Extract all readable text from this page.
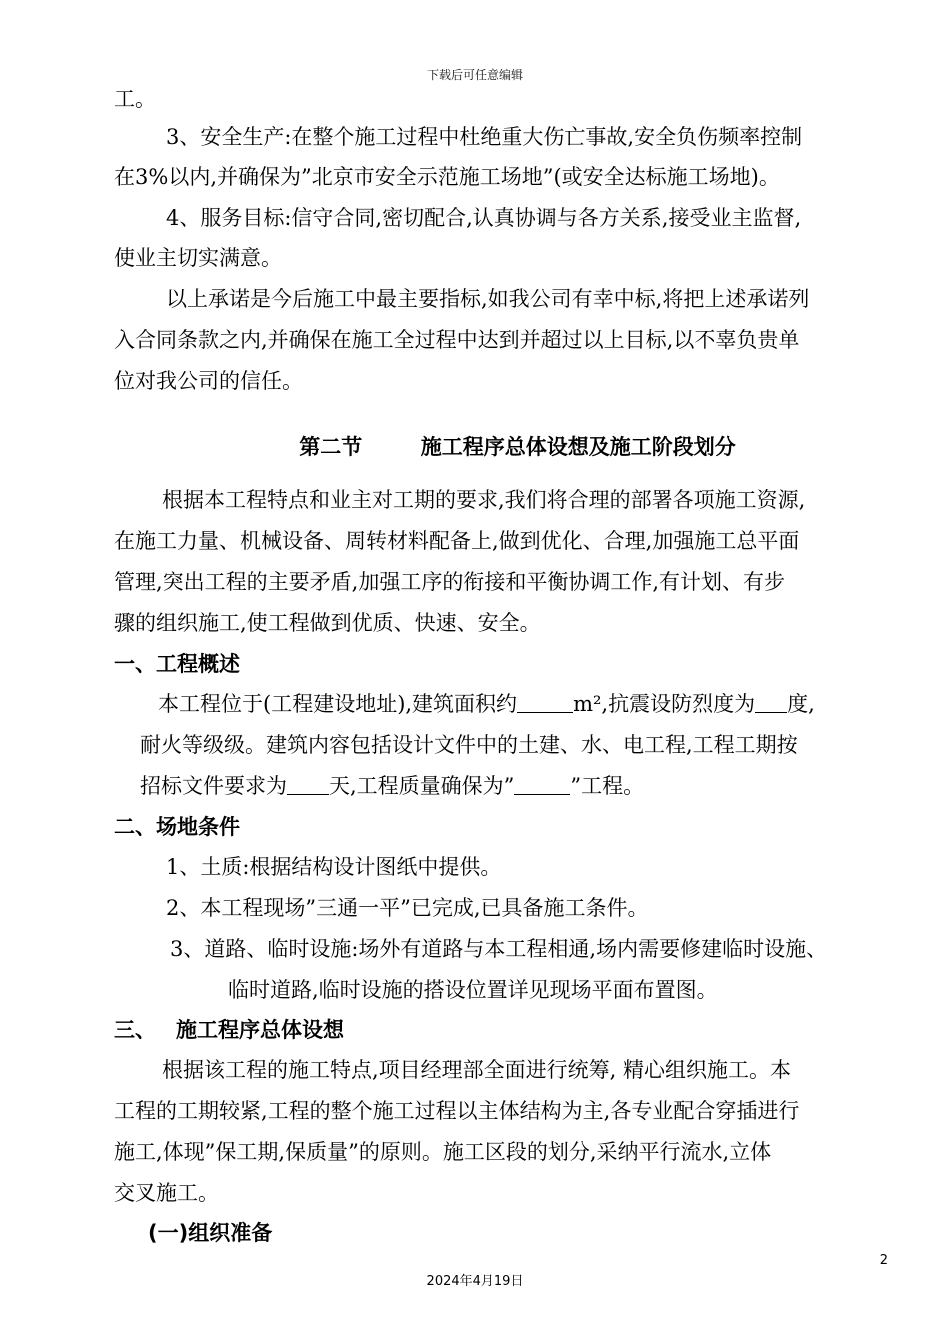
下载后可任意编辑
工。
3、安全生产:在整个施工过程中杜绝重大伤亡事故,安全负伤频率控制
在3%以内,并确保为”北京市安全示范施工场地”(或安全达标施工场地)。
4、服务目标:信守合同,密切配合,认真协调与各方关系,接受业主监督,
使业主切实满意。
以上承诺是今后施工中最主要指标,如我公司有幸中标,将把上述承诺列
入合同条款之内,并确保在施工全过程中达到并超过以上目标,以不辜负贵单
位对我公司的信任。
第二节	施工程序总体设想及施工阶段划分
根据本工程特点和业主对工期的要求,我们将合理的部署各项施工资源,
在施工力量、机械设备、周转材料配备上,做到优化、合理,加强施工总平面
管理,突出工程的主要矛盾,加强工序的衔接和平衡协调工作,有计划、有步
骤的组织施工,使工程做到优质、快速、安全。
一、工程概述
本工程位于(工程建设地址),建筑面积约	m²,抗震设防烈度为 度,
耐火等级级。建筑内容包括设计文件中的土建、水、电工程,工程工期按
招标文件要求为 天,工程质量确保为”	”工程。
二、场地条件
1、土质:根据结构设计图纸中提供。
2、本工程现场”三通一平”已完成,已具备施工条件。
3、道路、临时设施:场外有道路与本工程相通,场内需要修建临时设施、
临时道路,临时设施的搭设位置详见现场平面布置图。
三、 施工程序总体设想
根据该工程的施工特点,项目经理部全面进行统筹, 精心组织施工。本
工程的工期较紧,工程的整个施工过程以主体结构为主,各专业配合穿插进行
施工,体现”保工期,保质量”的原则。施工区段的划分,采纳平行流水,立体
交叉施工。
(一)组织准备
2
2024年4月19日
